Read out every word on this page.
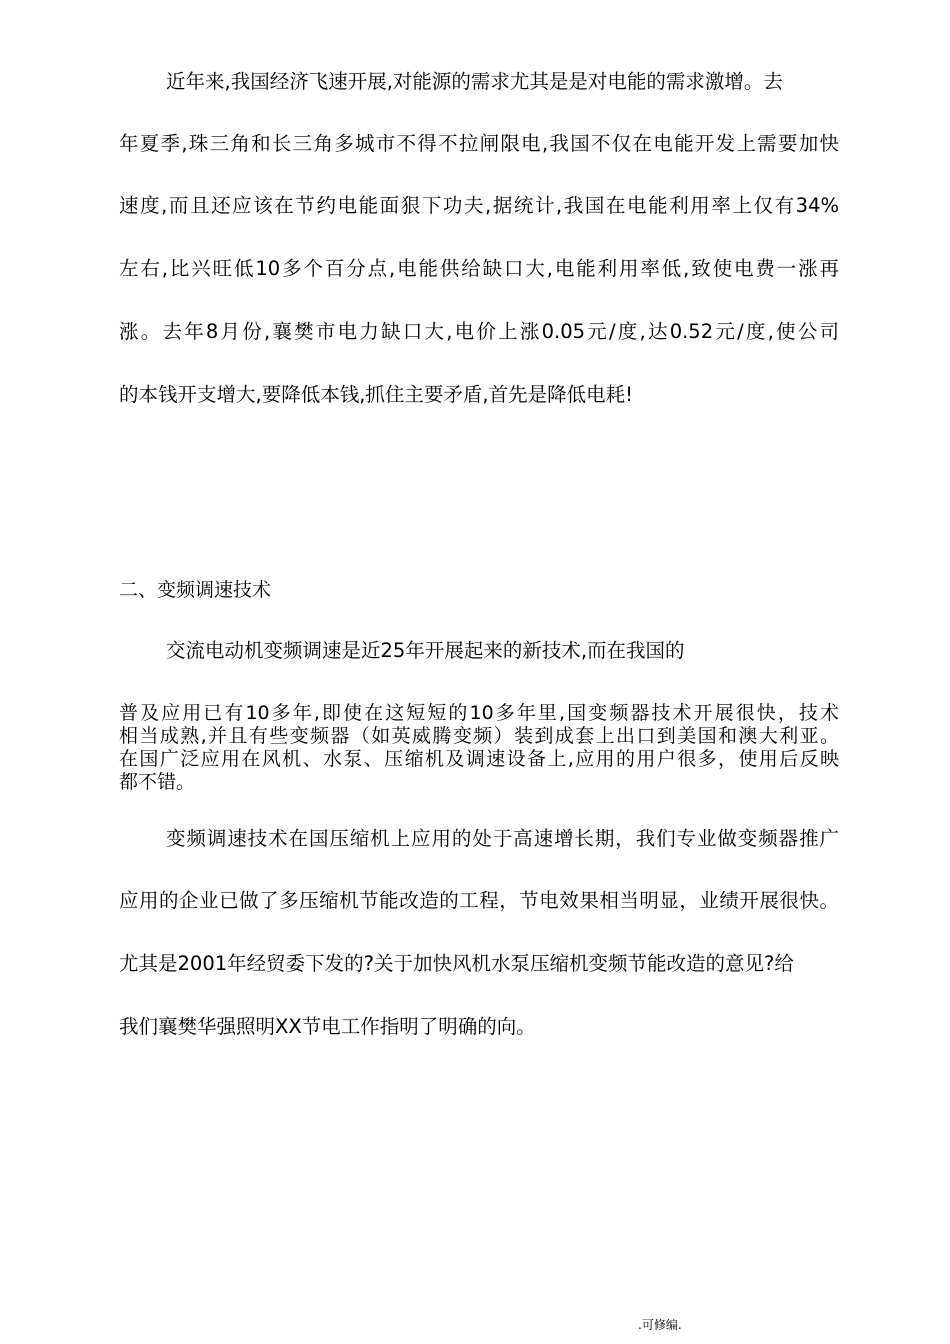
近年来,我国经济飞速开展,对能源的需求尤其是是对电能的需求激增。去
年夏季,珠三角和长三角多城市不得不拉闸限电,我国不仅在电能开发上需要加快
速度,而且还应该在节约电能面狠下功夫,据统计,我国在电能利用率上仅有34%
左右,比兴旺低10多个百分点,电能供给缺口大,电能利用率低,致使电费一涨再
涨。去年8月份,襄樊市电力缺口大,电价上涨0.05元/度,达0.52元/度,使公司
的本钱开支增大,要降低本钱,抓住主要矛盾,首先是降低电耗!
二、变频调速技术
交流电动机变频调速是近25年开展起来的新技术,而在我国的
普及应用已有10多年,即使在这短短的10多年里,国变频器技术开展很快，技术
相当成熟,并且有些变频器（如英威腾变频）装到成套上出口到美国和澳大利亚。
在国广泛应用在风机、水泵、压缩机及调速设备上,应用的用户很多，使用后反映
都不错。
变频调速技术在国压缩机上应用的处于高速增长期，我们专业做变频器推广
应用的企业已做了多压缩机节能改造的工程，节电效果相当明显，业绩开展很快。
尤其是2001年经贸委下发的?关于加快风机水泵压缩机变频节能改造的意见?给
我们襄樊华强照明XX节电工作指明了明确的向。
.可修编.
